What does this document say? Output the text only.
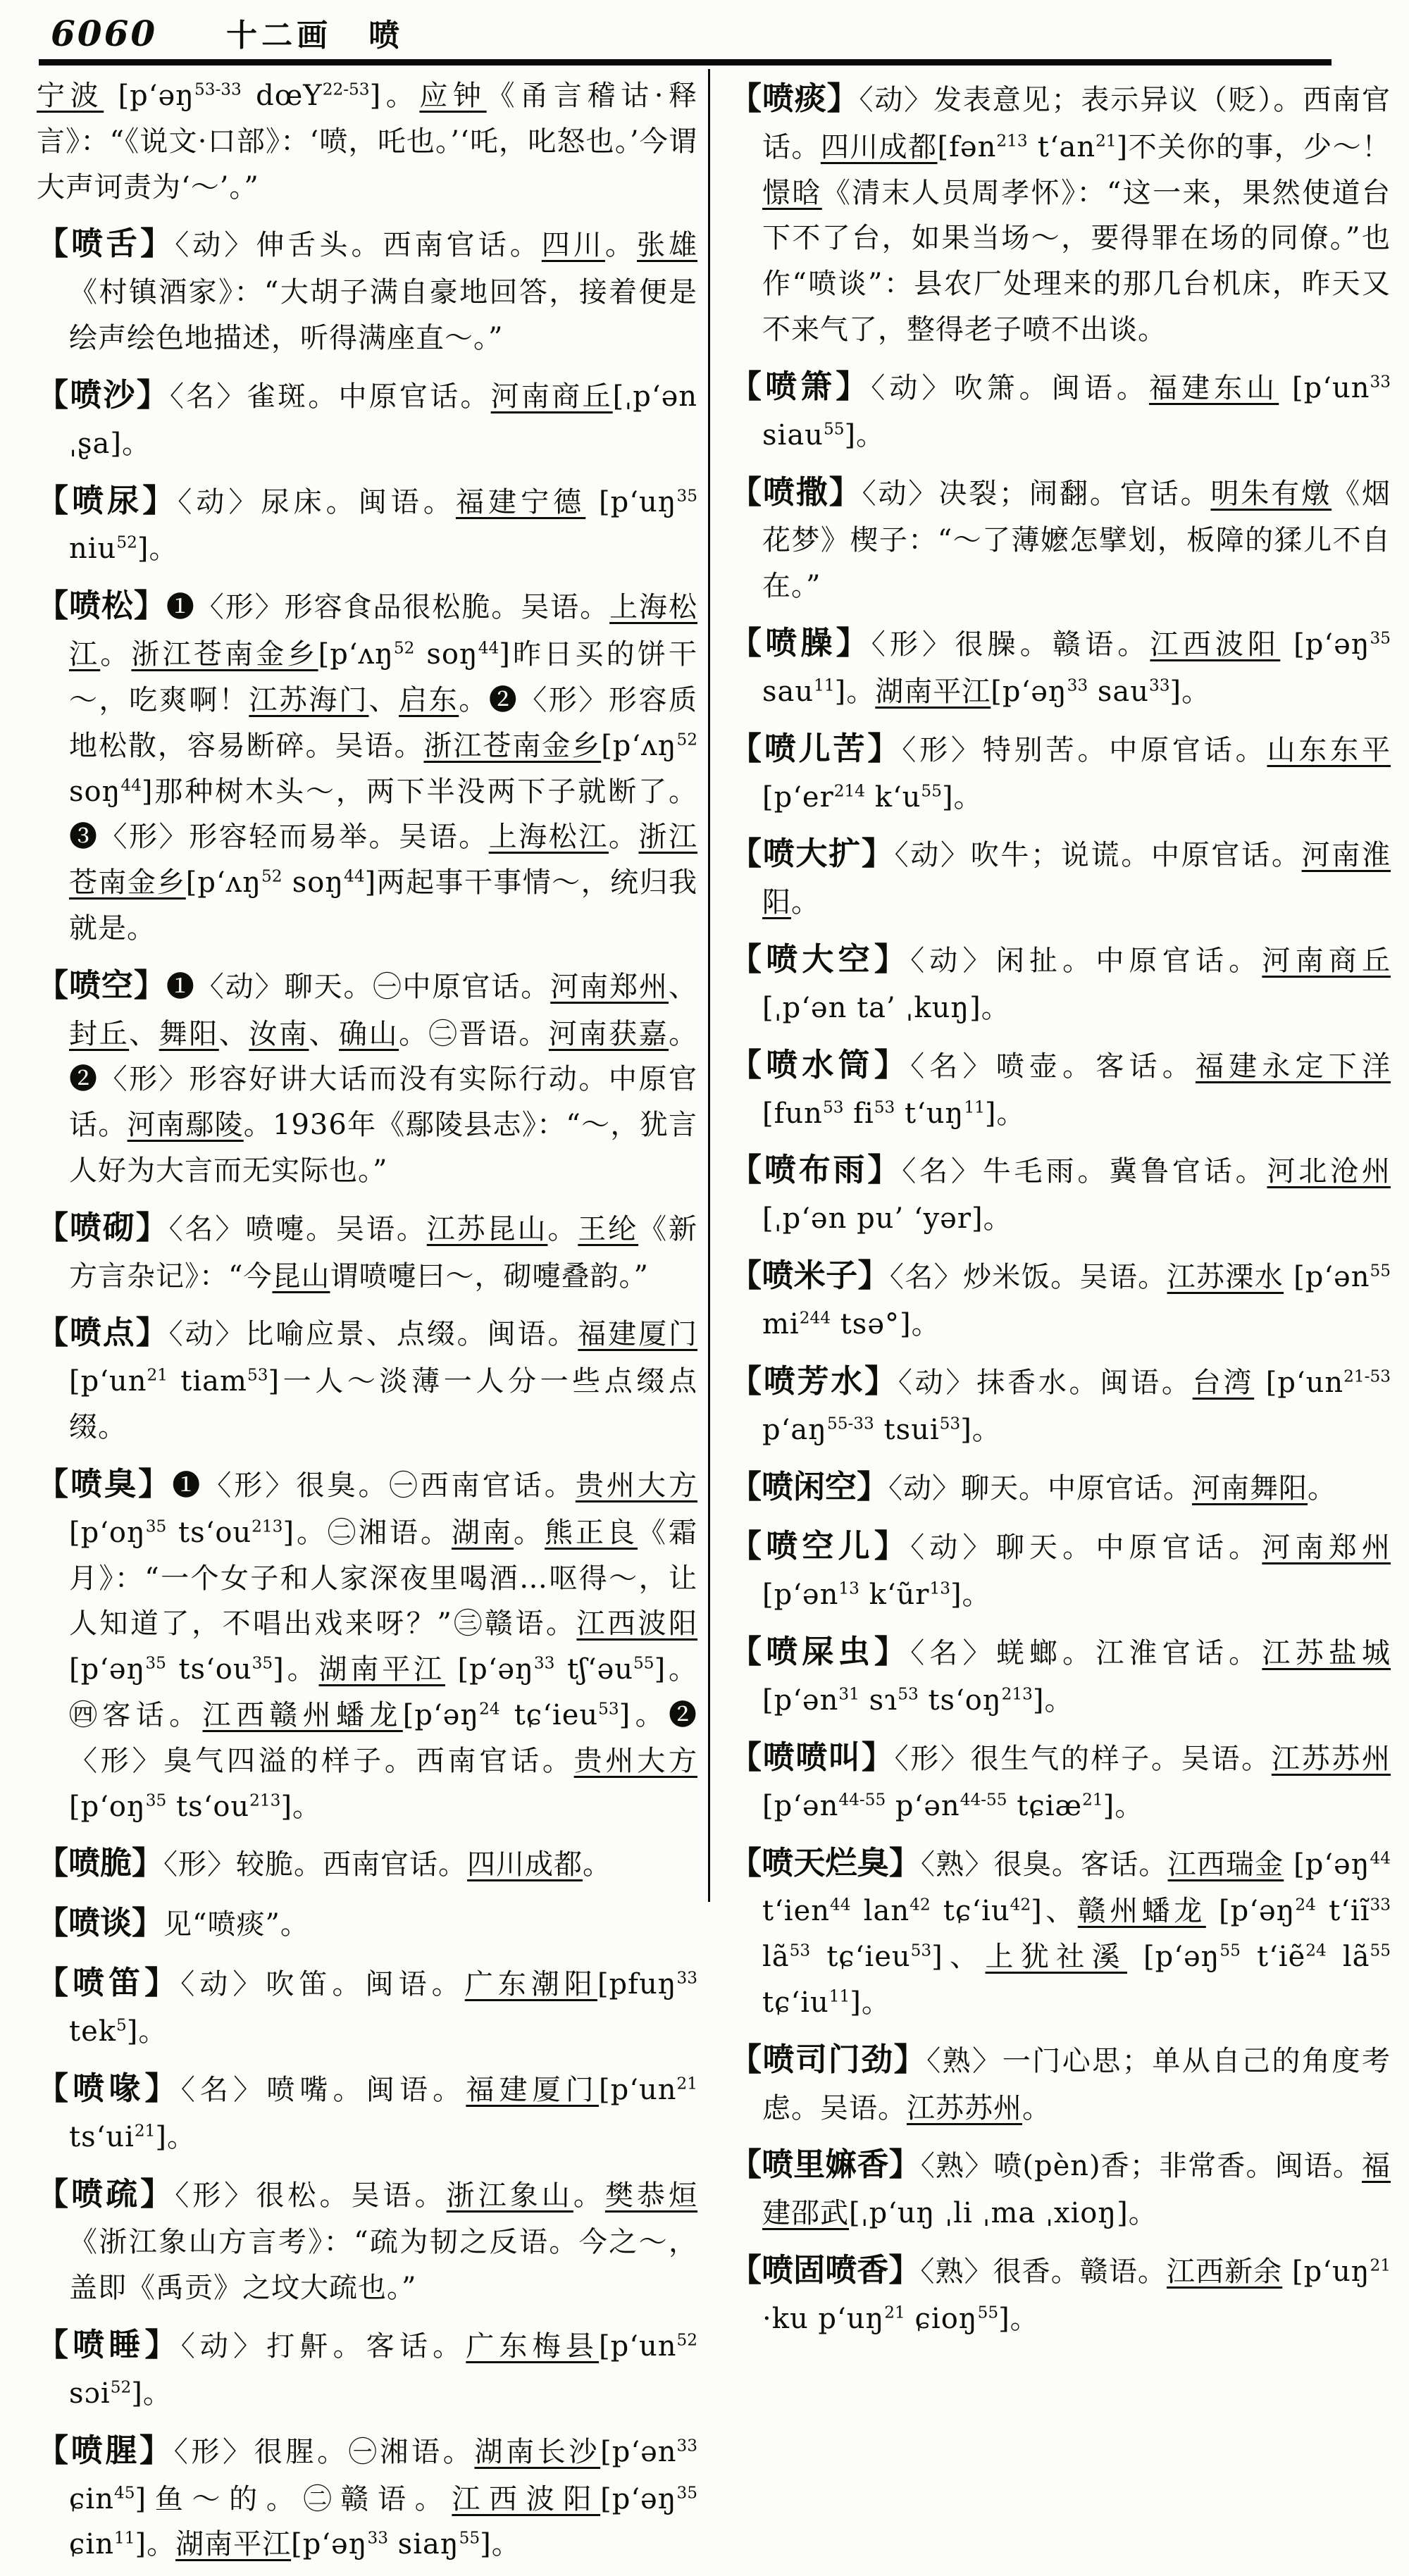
6060 十二画 喷

宁波 [p‘əŋ$^{53-33}$ dœY$^{22-53}$]。应钟《甬言稽诂·释言》：“《说文·口部》：‘喷，吒也。’‘吒，叱怒也。’今谓大声诃责为‘～’。”

【喷舌】〈动〉伸舌头。西南官话。四川。张雄《村镇酒家》：“大胡子满自豪地回答，接着便是绘声绘色地描述，听得满座直～。”

【喷沙】〈名〉雀斑。中原官话。河南商丘[ˌp‘ən ˌʂa]。

【喷尿】〈动〉尿床。闽语。福建宁德 [$p‘uŋ^{35}$ niu$^{52}$]。

【喷松】❶〈形〉形容食品很松脆。吴语。上海松江。浙江苍南金乡[p‘ʌŋ$^{52}$ soŋ$^{44}$]昨日买的饼干～，吃爽啊！江苏海门、启东。❷〈形〉形容质地松散，容易断碎。吴语。浙江苍南金乡[p‘ʌŋ$^{52}$ soŋ$^{44}$]那种树木头～，两下半没两下子就断了。❸〈形〉形容轻而易举。吴语。上海松江。浙江苍南金乡[p‘ʌŋ$^{52}$ soŋ$^{44}$]两起事干事情～，统归我就是。

【喷空】❶〈动〉聊天。㊀中原官话。河南郑州、封丘、舞阳、汝南、确山。㊁晋语。河南获嘉。❷〈形〉形容好讲大话而没有实际行动。中原官话。河南鄢陵。1936年《鄢陵县志》：“～，犹言人好为大言而无实际也。”

【喷砌】〈名〉喷嚏。吴语。江苏昆山。王纶《新方言杂记》：“今昆山谓喷嚏曰～，砌嚏叠韵。”

【喷点】〈动〉比喻应景、点缀。闽语。福建厦门 [$p‘un^{21}$ tiam$^{53}$]一人～淡薄一人分一些点缀点缀。

【喷臭】❶〈形〉很臭。㊀西南官话。贵州大方 [$p‘oŋ^{35}$ $ts‘ou^{213}$]。㊁湘语。湖南。熊正良《霜月》：“一个女子和人家深夜里喝酒…呕得～，让人知道了，不唱出戏来呀？”㊂赣语。江西波阳 [p‘əŋ$^{35}$ $ts‘ou^{35}$]。湖南平江 [p‘əŋ$^{33}$ tʃ‘əu$^{55}$]。㊃客话。江西赣州蟠龙[p‘əŋ$^{24}$ tɕ‘ieu$^{53}$]。❷〈形〉臭气四溢的样子。西南官话。贵州大方[$p‘oŋ^{35}$ $ts‘ou^{213}$]。

【喷脆】〈形〉较脆。西南官话。四川成都。

【喷谈】见“喷痰”。

【喷笛】〈动〉吹笛。闽语。广东潮阳[pfuŋ$^{33}$ tek$^5$]。

【喷喙】〈名〉喷嘴。闽语。福建厦门[$p‘un^{21}$ $ts‘ui^{21}$]。

【喷疏】〈形〉很松。吴语。浙江象山。樊恭烜《浙江象山方言考》：“疏为韧之反语。今之～，盖即《禹贡》之坟大疏也。”

【喷睡】〈动〉打鼾。客话。广东梅县[$p‘un^{52}$ sɔi$^{52}$]。

【喷腥】〈形〉很腥。㊀湘语。湖南长沙[p‘ən$^{33}$ ɕin$^{45}$]鱼～的。㊁赣语。江西波阳[p‘əŋ$^{35}$ ɕin$^{11}$]。湖南平江[p‘əŋ$^{33}$ siaŋ$^{55}$]。

【喷痰】〈动〉发表意见；表示异议（贬）。西南官话。四川成都[fən$^{213}$ $t‘an^{21}$]不关你的事，少～！憬晗《清末人员周孝怀》：“这一来，果然使道台下不了台，如果当场～，要得罪在场的同僚。”也作“喷谈”：县农厂处理来的那几台机床，昨天又不来气了，整得老子喷不出谈。

【喷箫】〈动〉吹箫。闽语。福建东山 [$p‘un^{33}$ siau$^{55}$]。

【喷撒】〈动〉决裂；闹翻。官话。明朱有燉《烟花梦》楔子：“～了薄嬷怎擘划，板障的猱儿不自在。”

【喷臊】〈形〉很臊。赣语。江西波阳 [p‘əŋ$^{35}$ sau$^{11}$]。湖南平江[p‘əŋ$^{33}$ sau$^{33}$]。

【喷儿苦】〈形〉特别苦。中原官话。山东东平 [$p‘er^{214}$ $k‘u^{55}$]。

【喷大扩】〈动〉吹牛；说谎。中原官话。河南淮阳。

【喷大空】〈动〉闲扯。中原官话。河南商丘 [ˌp‘ən ta’ ˌkuŋ]。

【喷水筒】〈名〉喷壶。客话。福建永定下洋 [fun$^{53}$ $fi^{53}$ $t‘uŋ^{11}$]。

【喷布雨】〈名〉牛毛雨。冀鲁官话。河北沧州 [ˌp‘ən pu’ ‘yər]。

【喷米子】〈名〉炒米饭。吴语。江苏溧水 [p‘ən$^{55}$ $mi^{244}$ tsə°]。

【喷芳水】〈动〉抹香水。闽语。台湾 [$p‘un^{21-53}$ $p‘aŋ^{55-33}$ tsui$^{53}$]。

【喷闲空】〈动〉聊天。中原官话。河南舞阳。

【喷空儿】〈动〉聊天。中原官话。河南郑州 [p‘ən$^{13}$ $k‘ũr^{13}$]。

【喷屎虫】〈名〉蜣螂。江淮官话。江苏盐城 [p‘ən$^{31}$ sɿ$^{53}$ $ts‘oŋ^{213}$]。

【喷喷叫】〈形〉很生气的样子。吴语。江苏苏州[p‘ən$^{44-55}$ p‘ən$^{44-55}$ tɕiæ$^{21}$]。

【喷天烂臭】〈熟〉很臭。客话。江西瑞金 [p‘əŋ$^{44}$ t‘ien$^{44}$ lan$^{42}$ $tɕ‘iu^{42}$]、赣州蟠龙 [p‘əŋ$^{24}$ $t‘iĩ^{33}$ $lã^{53}$ tɕ‘ieu$^{53}$]、上犹社溪 [p‘əŋ$^{55}$ t‘iẽ$^{24}$ $lã^{55}$ $tɕ‘iu^{11}$]。

【喷司门劲】〈熟〉一门心思；单从自己的角度考虑。吴语。江苏苏州。

【喷里嫲香】〈熟〉喷(pèn)香；非常香。闽语。福建邵武[ˌp‘uŋ ˌli ˌma ˌxioŋ]。

【喷固喷香】〈熟〉很香。赣语。江西新余 [$p‘uŋ^{21} \cdot ku$ $p‘uŋ^{21}$ ɕioŋ$^{55}$]。
